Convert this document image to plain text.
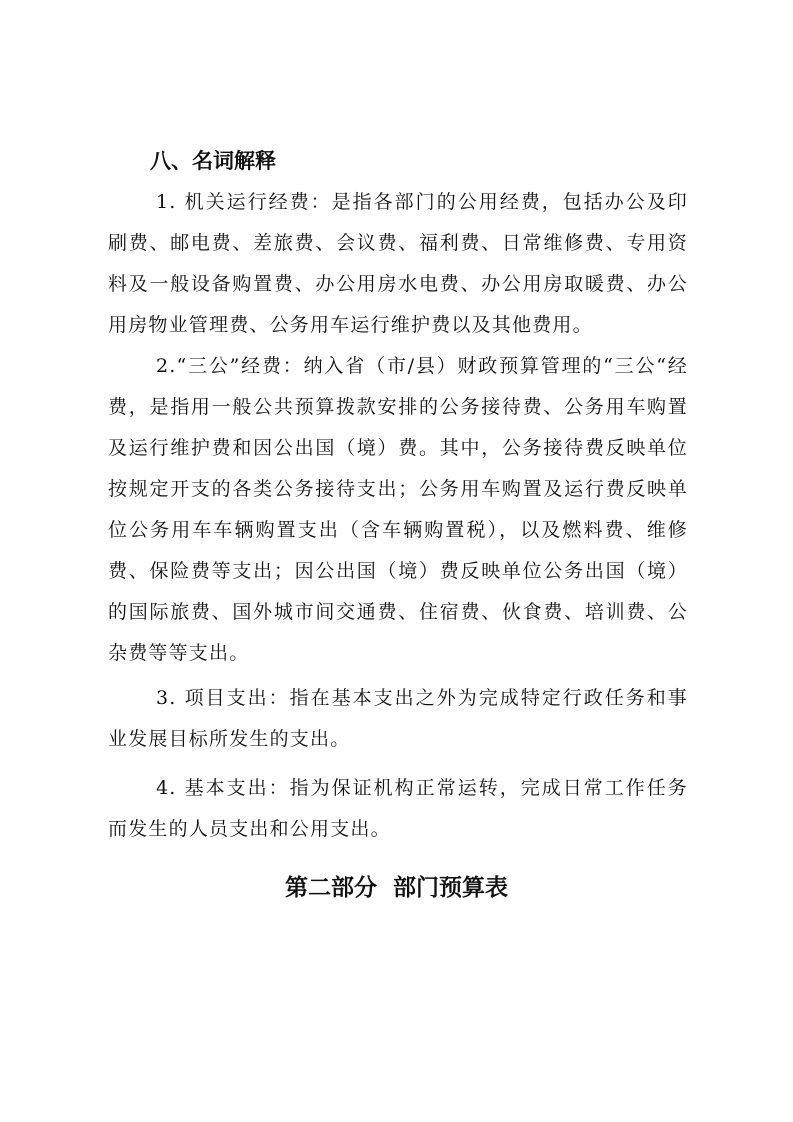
八、名词解释

1. 机关运行经费：是指各部门的公用经费，包括办公及印刷费、邮电费、差旅费、会议费、福利费、日常维修费、专用资料及一般设备购置费、办公用房水电费、办公用房取暖费、办公用房物业管理费、公务用车运行维护费以及其他费用。

2.“三公”经费：纳入省（市/县）财政预算管理的“三公“经费，是指用一般公共预算拨款安排的公务接待费、公务用车购置及运行维护费和因公出国（境）费。其中，公务接待费反映单位按规定开支的各类公务接待支出；公务用车购置及运行费反映单位公务用车车辆购置支出（含车辆购置税），以及燃料费、维修费、保险费等支出；因公出国（境）费反映单位公务出国（境）的国际旅费、国外城市间交通费、住宿费、伙食费、培训费、公杂费等等支出。

3. 项目支出：指在基本支出之外为完成特定行政任务和事业发展目标所发生的支出。

4. 基本支出：指为保证机构正常运转，完成日常工作任务而发生的人员支出和公用支出。

第二部分  部门预算表
